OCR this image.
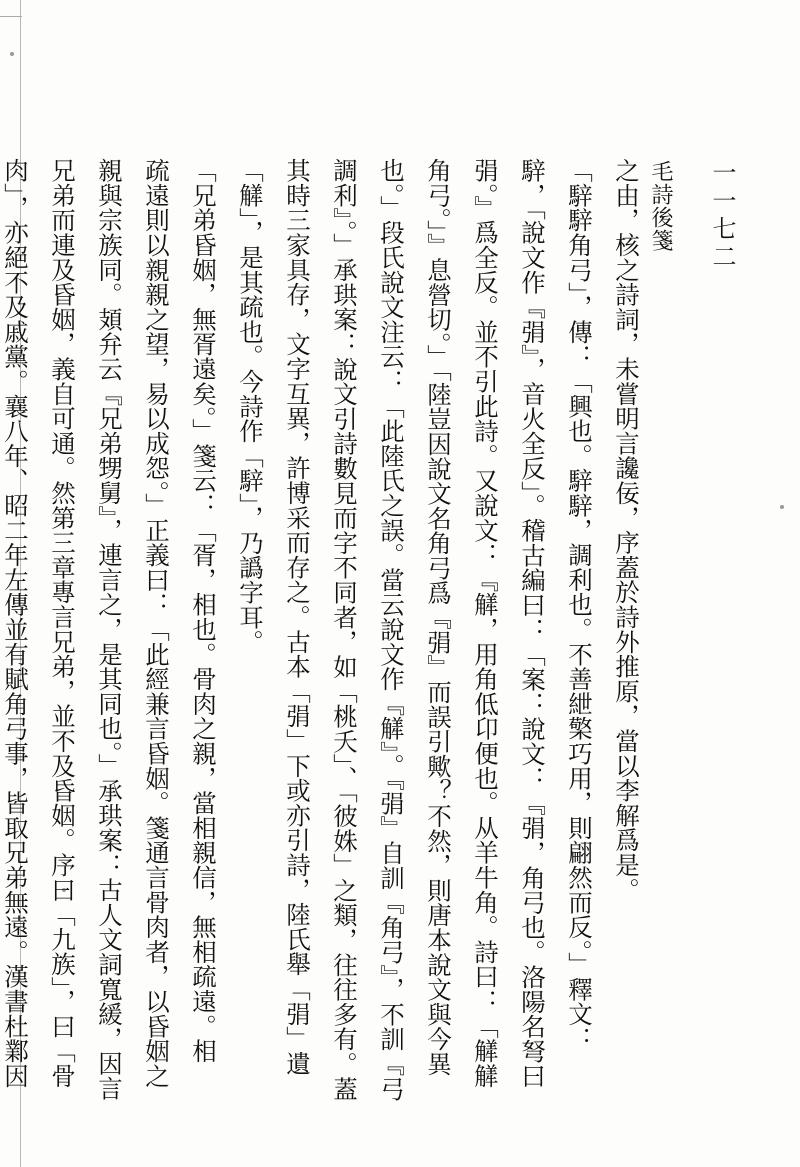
一一七二
毛詩後箋
之由，核之詩詞，未嘗明言讒佞，序蓋於詩外推原，當以李解爲是。
「騂騂角弓」，傳：「興也。騂騂，調利也。不善紲檠巧用，則翩然而反。」釋文：
騂，「說文作『弲』，音火全反」。稽古編曰：「案：說文：『弲，角弓也。洛陽名弩曰
弲。』爲全反。並不引此詩。又說文：『觲，用角低卬便也。从羊牛角。詩曰：「觲觲
角弓。」』息營切。」「陸豈因說文名角弓爲『弲』而誤引歟？不然，則唐本說文與今異
也。」段氏說文注云：「此陸氏之誤。當云說文作『觲』。『弲』自訓『角弓』，不訓『弓
調利』。」承珙案：說文引詩數見而字不同者，如「桃夭」、「彼姝」之類，往往多有。蓋
其時三家具存，文字互異，許博采而存之。古本「弲」下或亦引詩，陸氏舉「弲」遺
「觲」，是其疏也。今詩作「騂」，乃譌字耳。
「兄弟昏姻，無胥遠矣。」箋云：「胥，相也。骨肉之親，當相親信，無相疏遠。相
疏遠則以親親之望，易以成怨。」正義曰：「此經兼言昏姻。箋通言骨肉者，以昏姻之
親與宗族同。頍弁云『兄弟甥舅』，連言之，是其同也。」承珙案：古人文詞寬緩，因言
兄弟而連及昏姻，義自可通。然第三章專言兄弟，並不及昏姻。序曰「九族」，曰「骨
肉」，亦絕不及戚黨。襄八年、昭二年左傳並有賦角弓事，皆取兄弟無遠。漢書杜鄴因
